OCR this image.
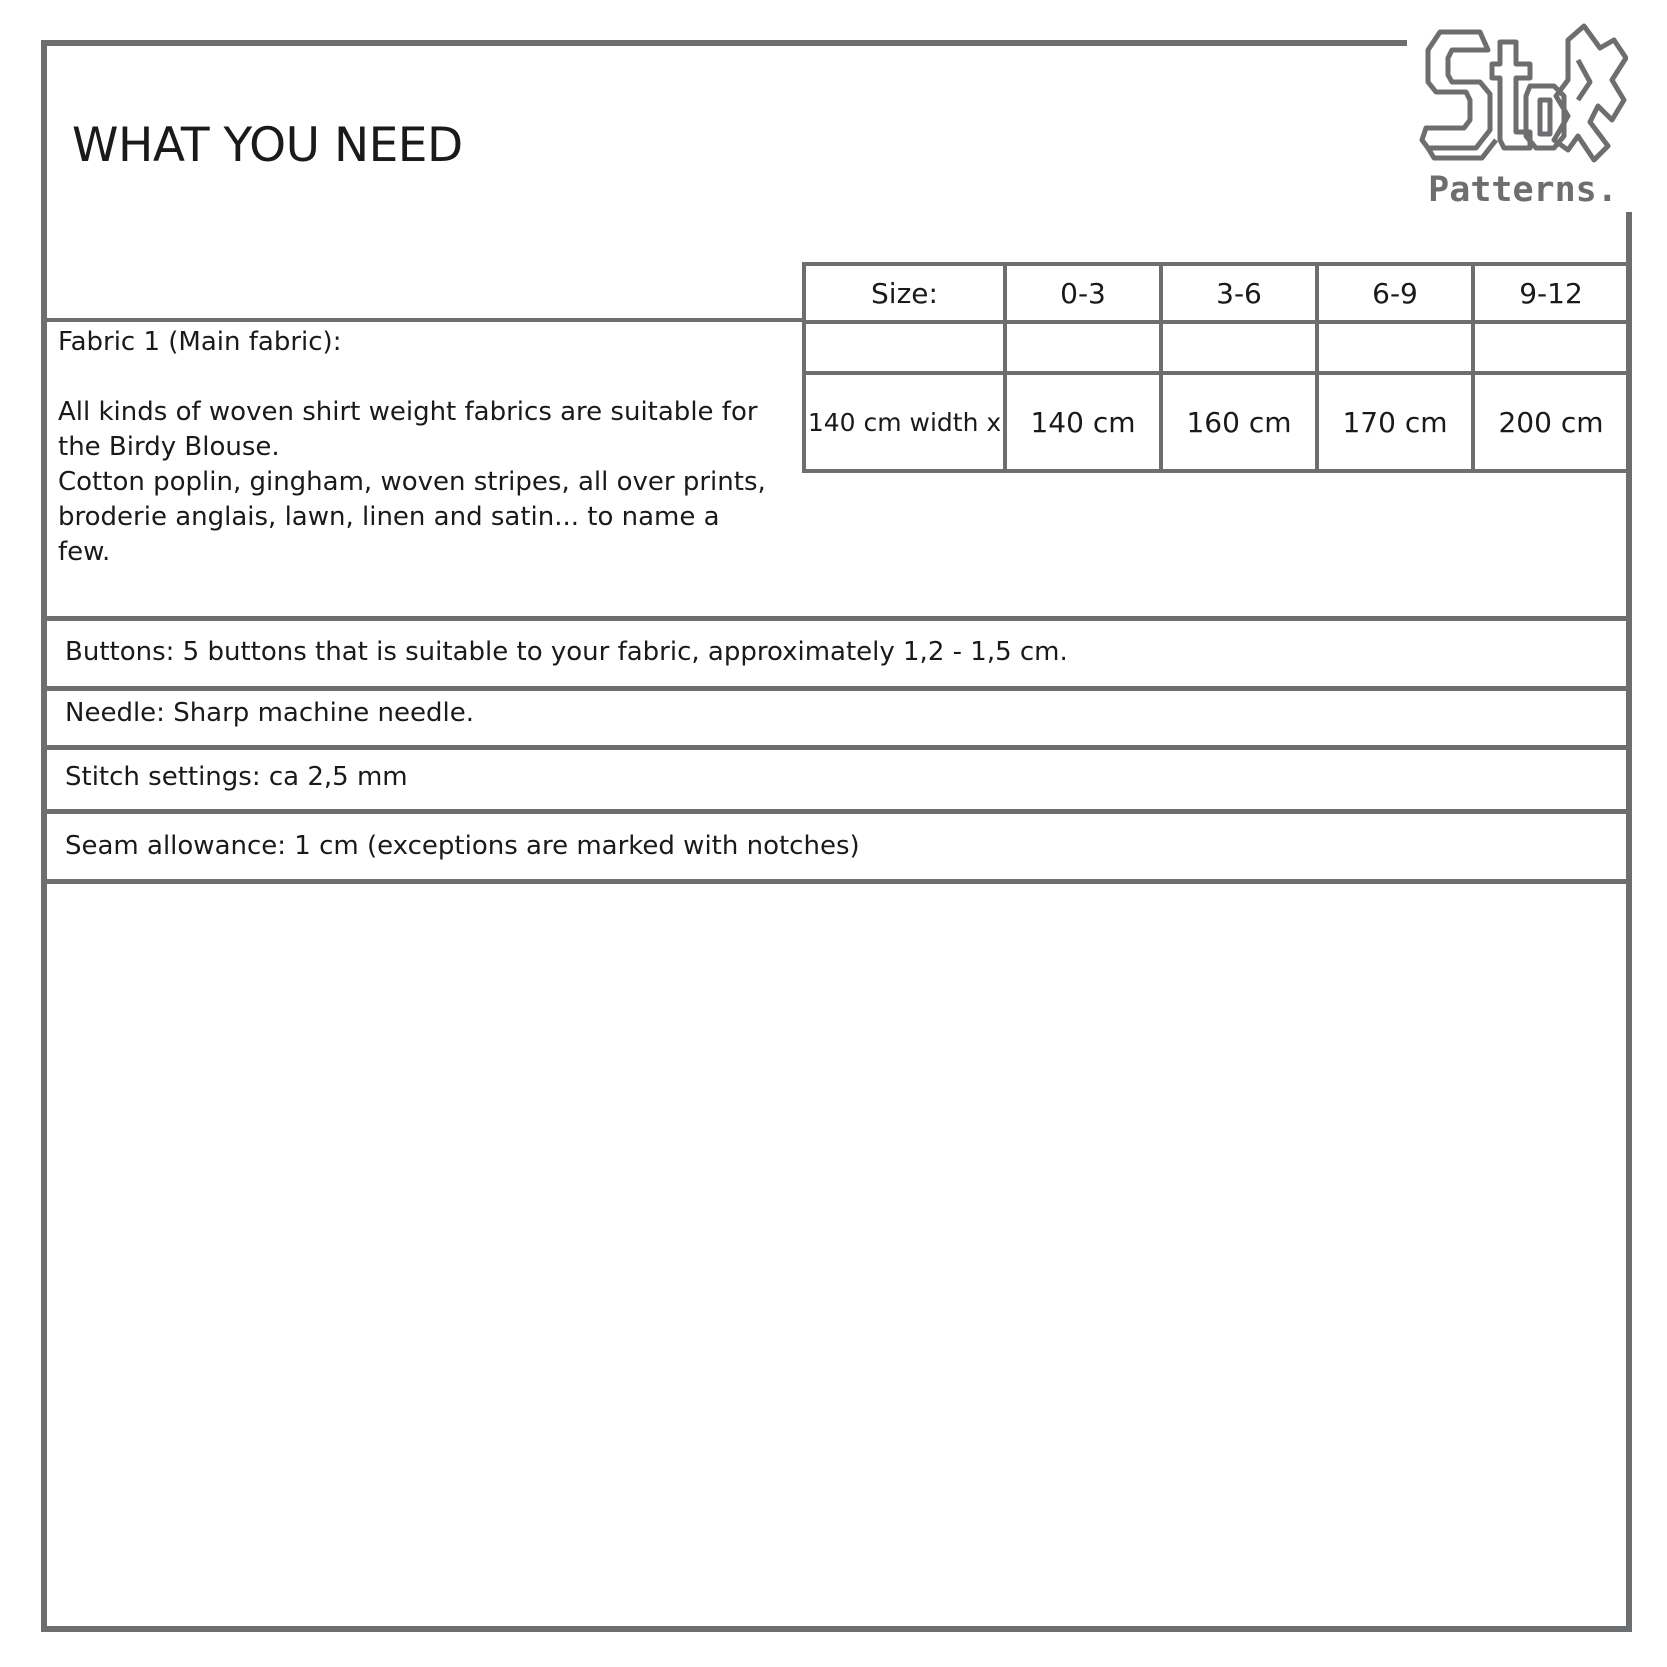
WHAT YOU NEED
Patterns.
Size:	0-3	3-6	6-9	9-12

140 cm width x	140 cm	160 cm	170 cm	200 cm

Fabric 1 (Main fabric):

All kinds of woven shirt weight fabrics are suitable for the Birdy Blouse.

Cotton poplin, gingham, woven stripes, all over prints, broderie anglais, lawn, linen and satin... to name a few.

Buttons: 5 buttons that is suitable to your fabric, approximately 1,2 - 1,5 cm.
Needle: Sharp machine needle.
Stitch settings: ca 2,5 mm
Seam allowance: 1 cm (exceptions are marked with notches)
